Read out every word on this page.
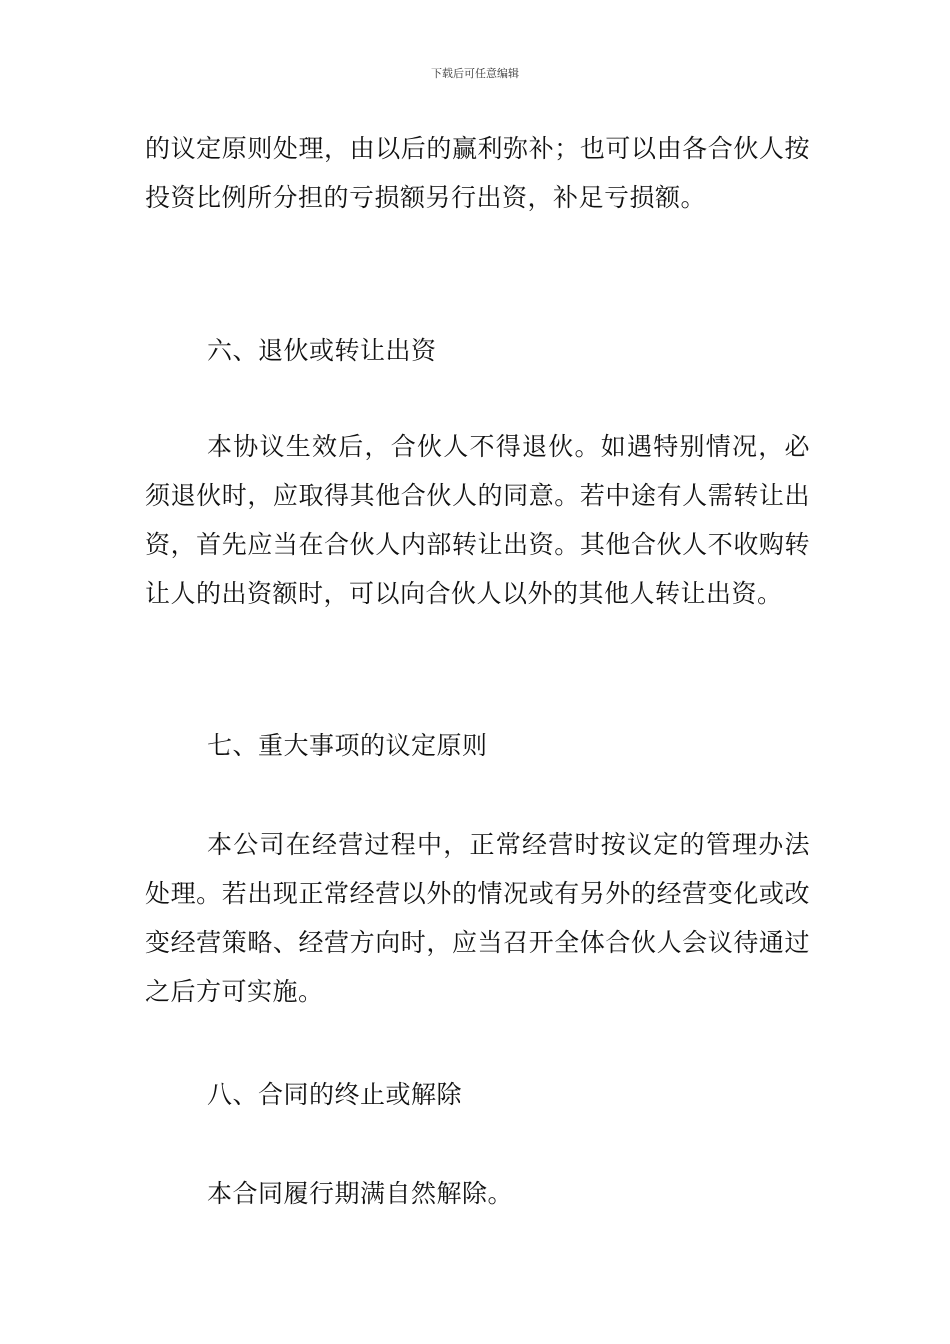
下载后可任意编辑

的议定原则处理，由以后的赢利弥补；也可以由各合伙人按投资比例所分担的亏损额另行出资，补足亏损额。

六、退伙或转让出资

本协议生效后，合伙人不得退伙。如遇特别情况，必须退伙时，应取得其他合伙人的同意。若中途有人需转让出资，首先应当在合伙人内部转让出资。其他合伙人不收购转让人的出资额时，可以向合伙人以外的其他人转让出资。

七、重大事项的议定原则

本公司在经营过程中，正常经营时按议定的管理办法处理。若出现正常经营以外的情况或有另外的经营变化或改变经营策略、经营方向时，应当召开全体合伙人会议待通过之后方可实施。

八、合同的终止或解除

本合同履行期满自然解除。
